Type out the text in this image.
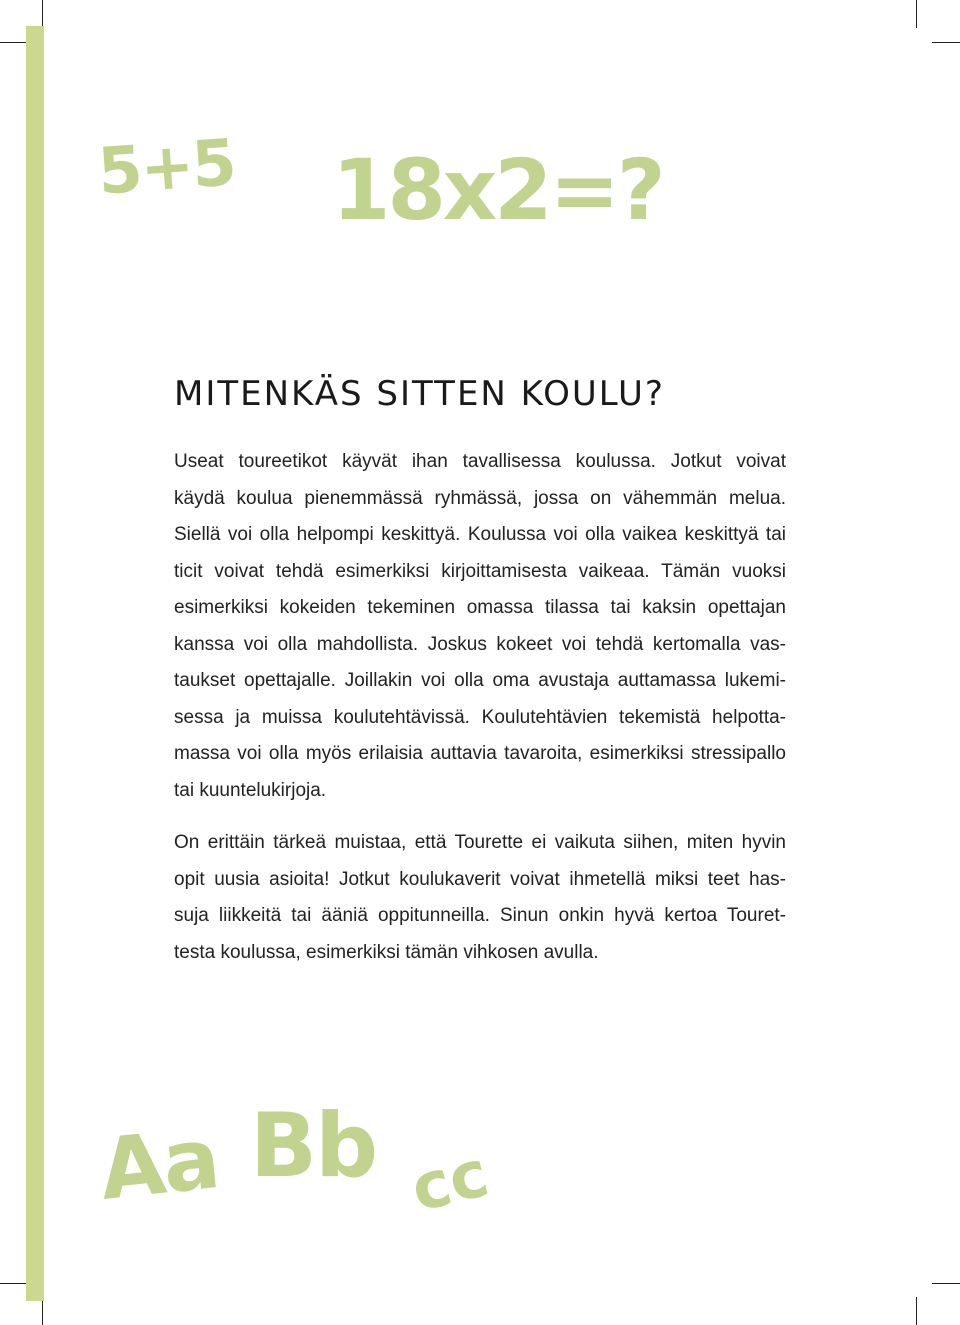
5+5 18x2=?
Aa Bb cc
MITENKÄS SITTEN KOULU?

Useat toureetikot käyvät ihan tavallisessa koulussa. Jotkut voivat
käydä koulua pienemmässä ryhmässä, jossa on vähemmän melua.
Siellä voi olla helpompi keskittyä. Koulussa voi olla vaikea keskittyä tai
ticit voivat tehdä esimerkiksi kirjoittamisesta vaikeaa. Tämän vuoksi
esimerkiksi kokeiden tekeminen omassa tilassa tai kaksin opettajan
kanssa voi olla mahdollista. Joskus kokeet voi tehdä kertomalla vas-
taukset opettajalle. Joillakin voi olla oma avustaja auttamassa lukemi-
sessa ja muissa koulutehtävissä. Koulutehtävien tekemistä helpotta-
massa voi olla myös erilaisia auttavia tavaroita, esimerkiksi stressipallo
tai kuuntelukirjoja.

On erittäin tärkeä muistaa, että Tourette ei vaikuta siihen, miten hyvin
opit uusia asioita! Jotkut koulukaverit voivat ihmetellä miksi teet has-
suja liikkeitä tai ääniä oppitunneilla. Sinun onkin hyvä kertoa Touret-
testa koulussa, esimerkiksi tämän vihkosen avulla.
